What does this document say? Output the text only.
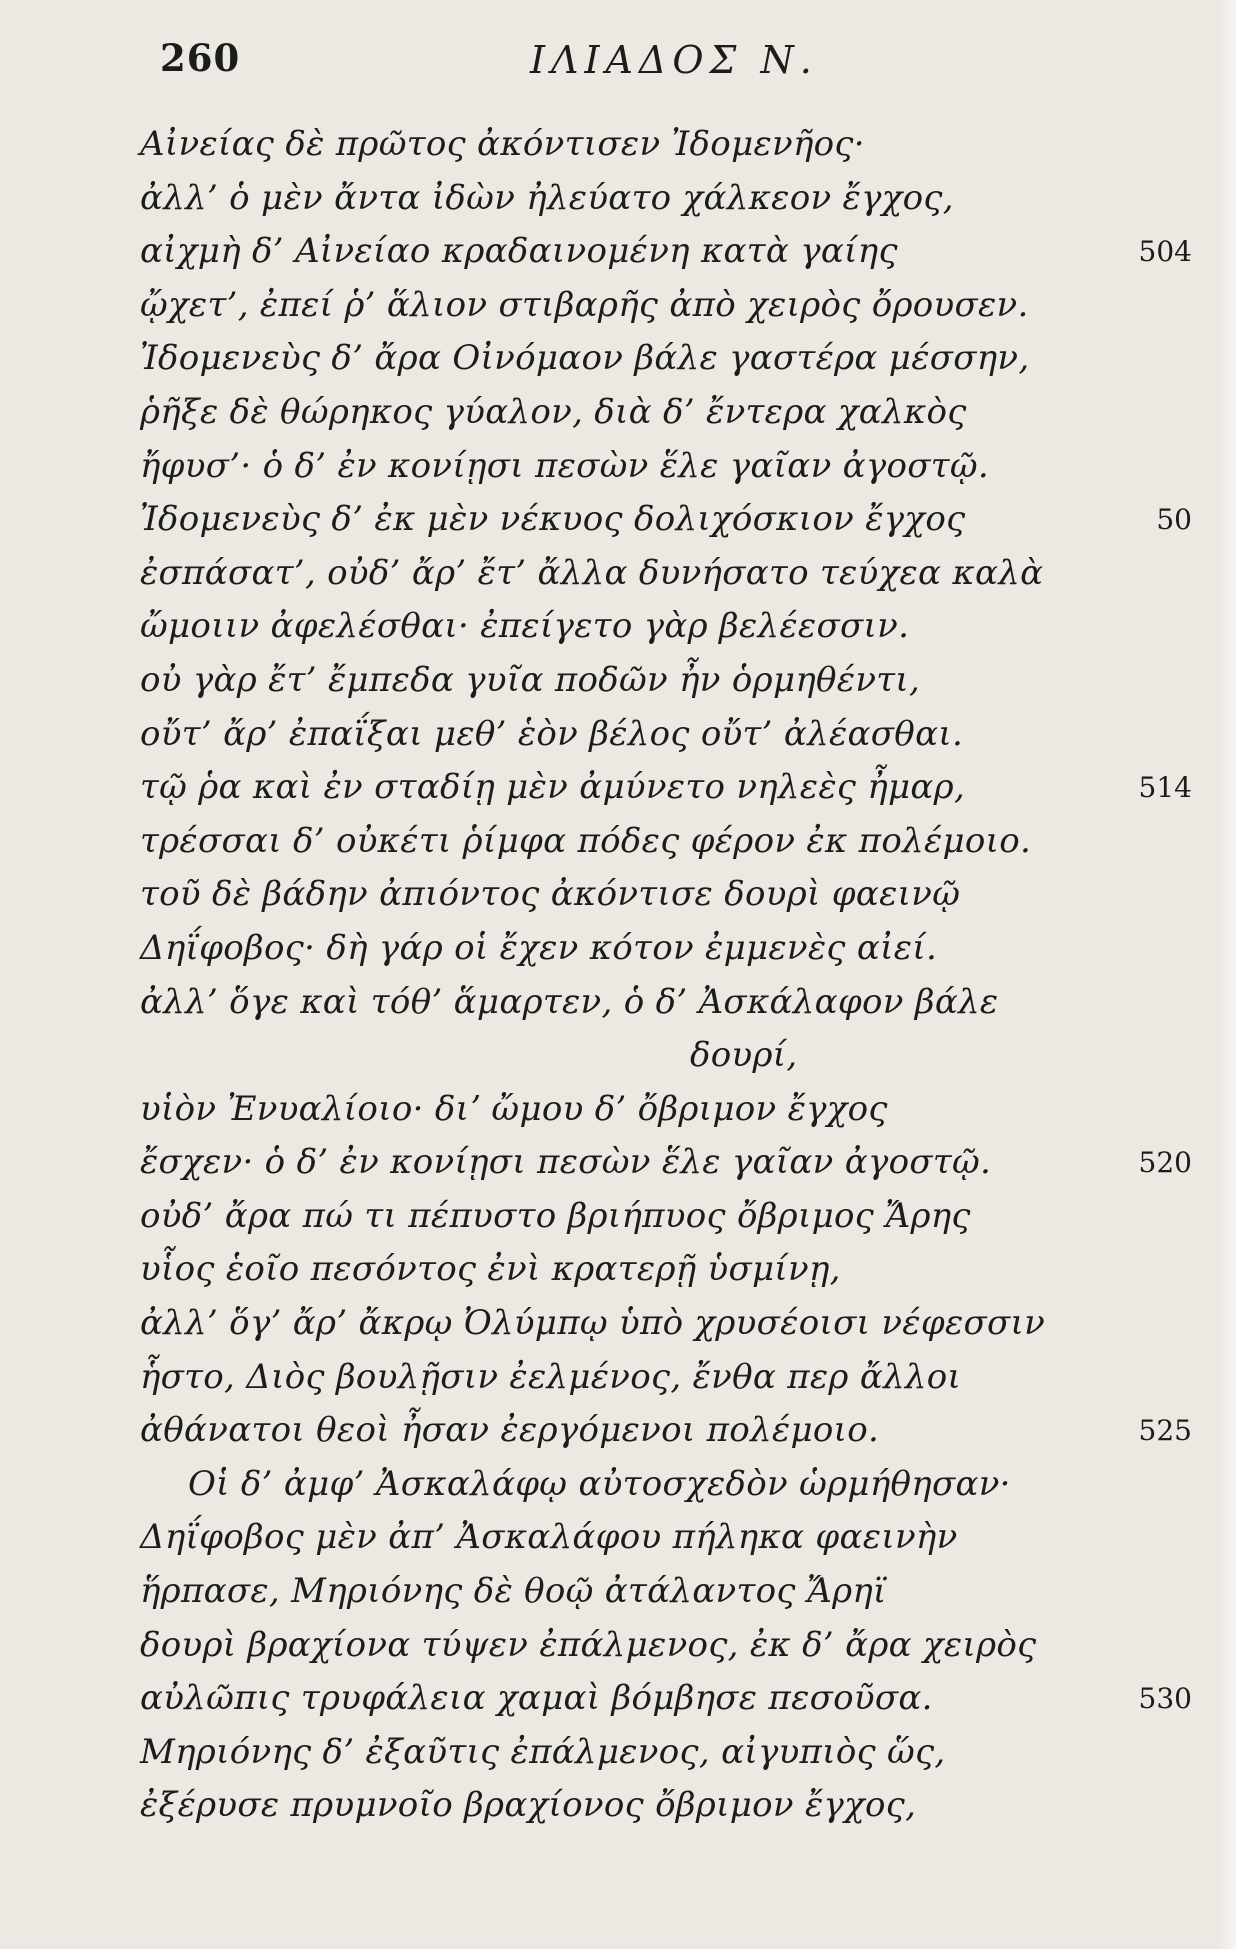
260	ΙΛΙΑΔΟΣ Ν.
Αἰνείας δὲ πρῶτος ἀκόντισεν Ἰδομενῆος·
ἀλλ’ ὁ μὲν ἄντα ἰδὼν ἠλεύατο χάλκεον ἔγχος,
αἰχμὴ δ’ Αἰνείαο κραδαινομένη κατὰ γαίης	504
ᾤχετ’, ἐπεί ῥ’ ἅλιον στιβαρῆς ἀπὸ χειρὸς ὄρουσεν.
Ἰδομενεὺς δ’ ἄρα Οἰνόμαον βάλε γαστέρα μέσσην,
ῥῆξε δὲ θώρηκος γύαλον, διὰ δ’ ἔντερα χαλκὸς
ἤφυσ’· ὁ δ’ ἐν κονίῃσι πεσὼν ἕλε γαῖαν ἀγοστῷ.
Ἰδομενεὺς δ’ ἐκ μὲν νέκυος δολιχόσκιον ἔγχος	50
ἐσπάσατ’, οὐδ’ ἄρ’ ἔτ’ ἄλλα δυνήσατο τεύχεα καλὰ
ὤμοιιν ἀφελέσθαι· ἐπείγετο γὰρ βελέεσσιν.
οὐ γὰρ ἔτ’ ἔμπεδα γυῖα ποδῶν ἦν ὁρμηθέντι,
οὔτ’ ἄρ’ ἐπαΐξαι μεθ’ ἑὸν βέλος οὔτ’ ἀλέασθαι.
τῷ ῥα καὶ ἐν σταδίῃ μὲν ἀμύνετο νηλεὲς ἦμαρ,	514
τρέσσαι δ’ οὐκέτι ῥίμφα πόδες φέρον ἐκ πολέμοιο.
τοῦ δὲ βάδην ἀπιόντος ἀκόντισε δουρὶ φαεινῷ
Δηΐφοβος· δὴ γάρ οἱ ἔχεν κότον ἐμμενὲς αἰεί.
ἀλλ’ ὅγε καὶ τόθ’ ἅμαρτεν, ὁ δ’ Ἀσκάλαφον βάλε
δουρί,
υἱὸν Ἐνυαλίοιο· διʼ ὤμου δ’ ὄβριμον ἔγχος
ἔσχεν· ὁ δ’ ἐν κονίῃσι πεσὼν ἕλε γαῖαν ἀγοστῷ.	520
οὐδ’ ἄρα πώ τι πέπυστο βριήπυος ὄβριμος Ἄρης
υἷος ἑοῖο πεσόντος ἐνὶ κρατερῇ ὑσμίνῃ,
ἀλλ’ ὅγ’ ἄρ’ ἄκρῳ Ὀλύμπῳ ὑπὸ χρυσέοισι νέφεσσιν
ἧστο, Διὸς βουλῇσιν ἐελμένος, ἔνθα περ ἄλλοι
ἀθάνατοι θεοὶ ἦσαν ἐεργόμενοι πολέμοιο.	525
Οἱ δ’ ἀμφ’ Ἀσκαλάφῳ αὐτοσχεδὸν ὡρμήθησαν·
Δηΐφοβος μὲν ἀπ’ Ἀσκαλάφου πήληκα φαεινὴν
ἥρπασε, Μηριόνης δὲ θοῷ ἀτάλαντος Ἄρηϊ
δουρὶ βραχίονα τύψεν ἐπάλμενος, ἐκ δ’ ἄρα χειρὸς
αὐλῶπις τρυφάλεια χαμαὶ βόμβησε πεσοῦσα.	530
Μηριόνης δ’ ἐξαῦτις ἐπάλμενος, αἰγυπιὸς ὥς,
ἐξέρυσε πρυμνοῖο βραχίονος ὄβριμον ἔγχος,
